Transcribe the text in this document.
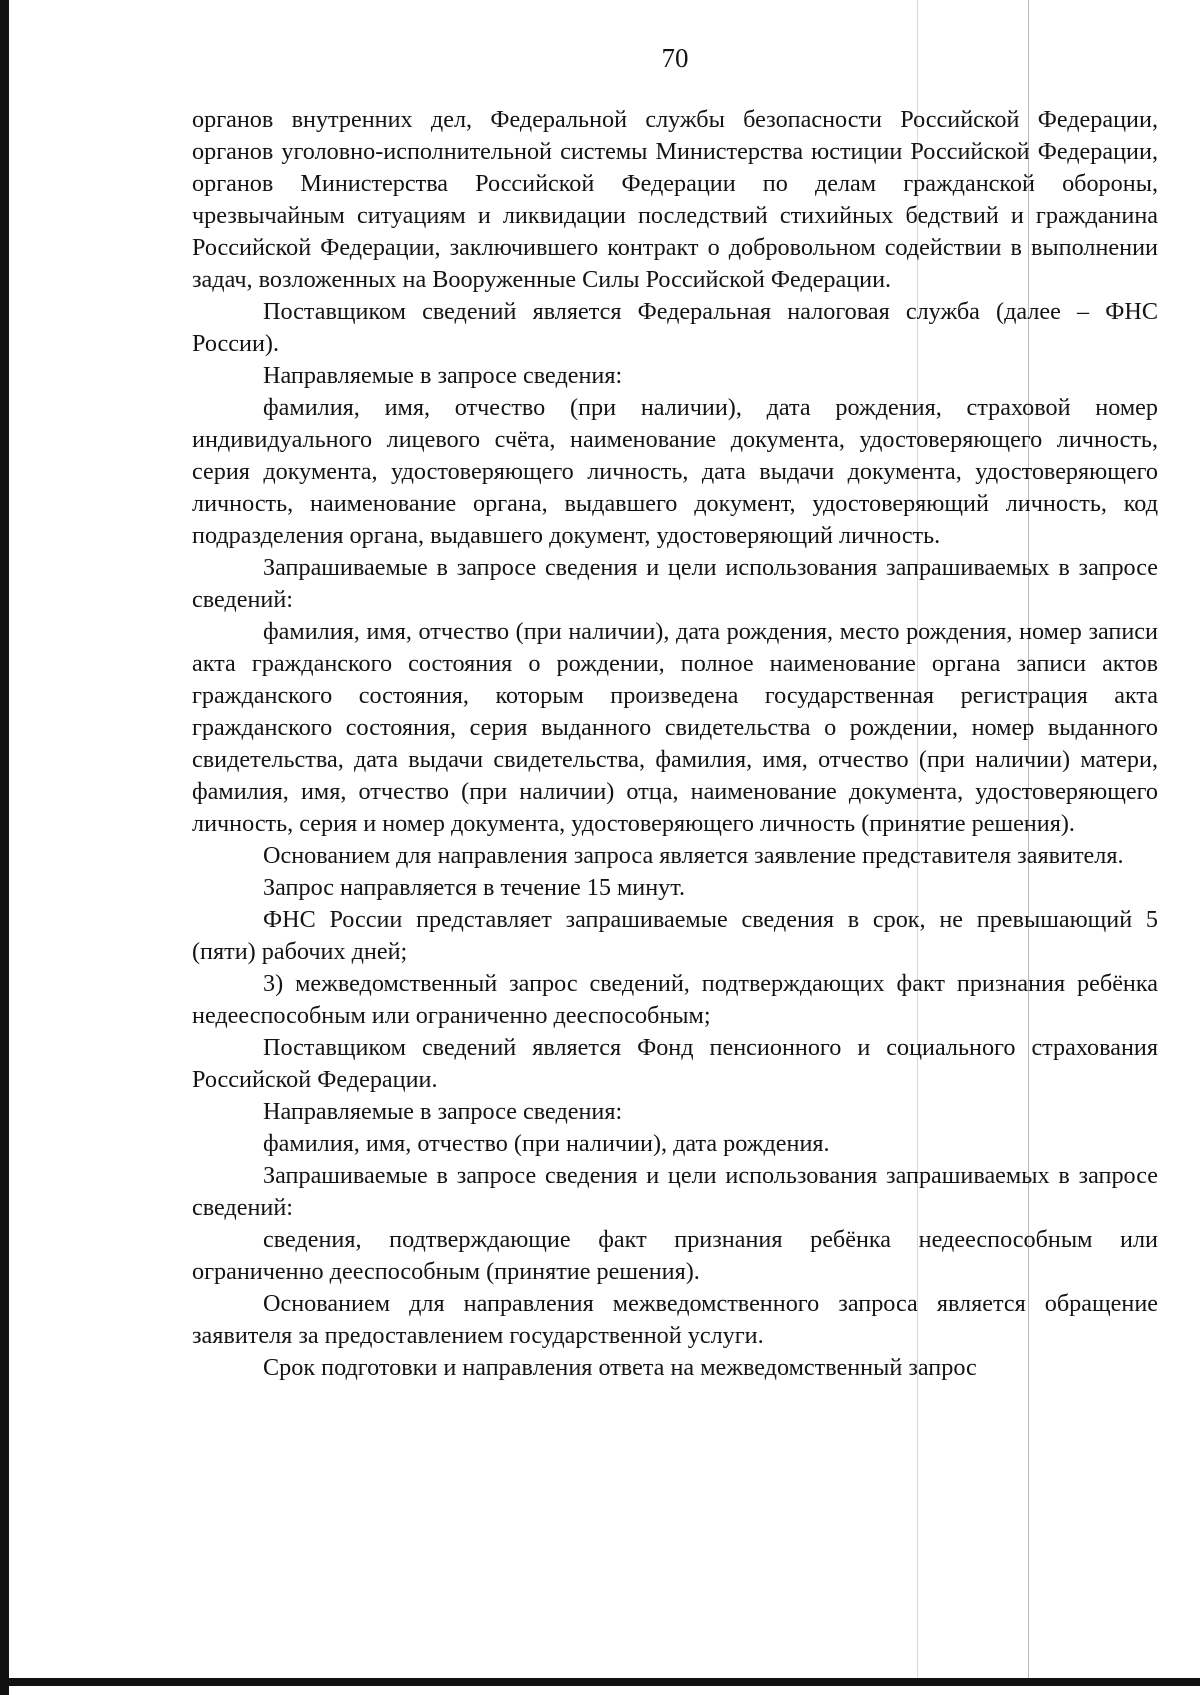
70

органов внутренних дел, Федеральной службы безопасности Российской Федерации, органов уголовно-исполнительной системы Министерства юстиции Российской Федерации, органов Министерства Российской Федерации по делам гражданской обороны, чрезвычайным ситуациям и ликвидации последствий стихийных бедствий и гражданина Российской Федерации, заключившего контракт о добровольном содействии в выполнении задач, возложенных на Вооруженные Силы Российской Федерации.

Поставщиком сведений является Федеральная налоговая служба (далее – ФНС России).

Направляемые в запросе сведения:

фамилия, имя, отчество (при наличии), дата рождения, страховой номер индивидуального лицевого счёта, наименование документа, удостоверяющего личность, серия документа, удостоверяющего личность, дата выдачи документа, удостоверяющего личность, наименование органа, выдавшего документ, удостоверяющий личность, код подразделения органа, выдавшего документ, удостоверяющий личность.

Запрашиваемые в запросе сведения и цели использования запрашиваемых в запросе сведений:

фамилия, имя, отчество (при наличии), дата рождения, место рождения, номер записи акта гражданского состояния о рождении, полное наименование органа записи актов гражданского состояния, которым произведена государственная регистрация акта гражданского состояния, серия выданного свидетельства о рождении, номер выданного свидетельства, дата выдачи свидетельства, фамилия, имя, отчество (при наличии) матери, фамилия, имя, отчество (при наличии) отца, наименование документа, удостоверяющего личность, серия и номер документа, удостоверяющего личность (принятие решения).

Основанием для направления запроса является заявление представителя заявителя.

Запрос направляется в течение 15 минут.

ФНС России представляет запрашиваемые сведения в срок, не превышающий 5 (пяти) рабочих дней;

3) межведомственный запрос сведений, подтверждающих факт признания ребёнка недееспособным или ограниченно дееспособным;

Поставщиком сведений является Фонд пенсионного и социального страхования Российской Федерации.

Направляемые в запросе сведения:

фамилия, имя, отчество (при наличии), дата рождения.

Запрашиваемые в запросе сведения и цели использования запрашиваемых в запросе сведений:

сведения, подтверждающие факт признания ребёнка недееспособным или ограниченно дееспособным (принятие решения).

Основанием для направления межведомственного запроса является обращение заявителя за предоставлением государственной услуги.

Срок подготовки и направления ответа на межведомственный запрос
